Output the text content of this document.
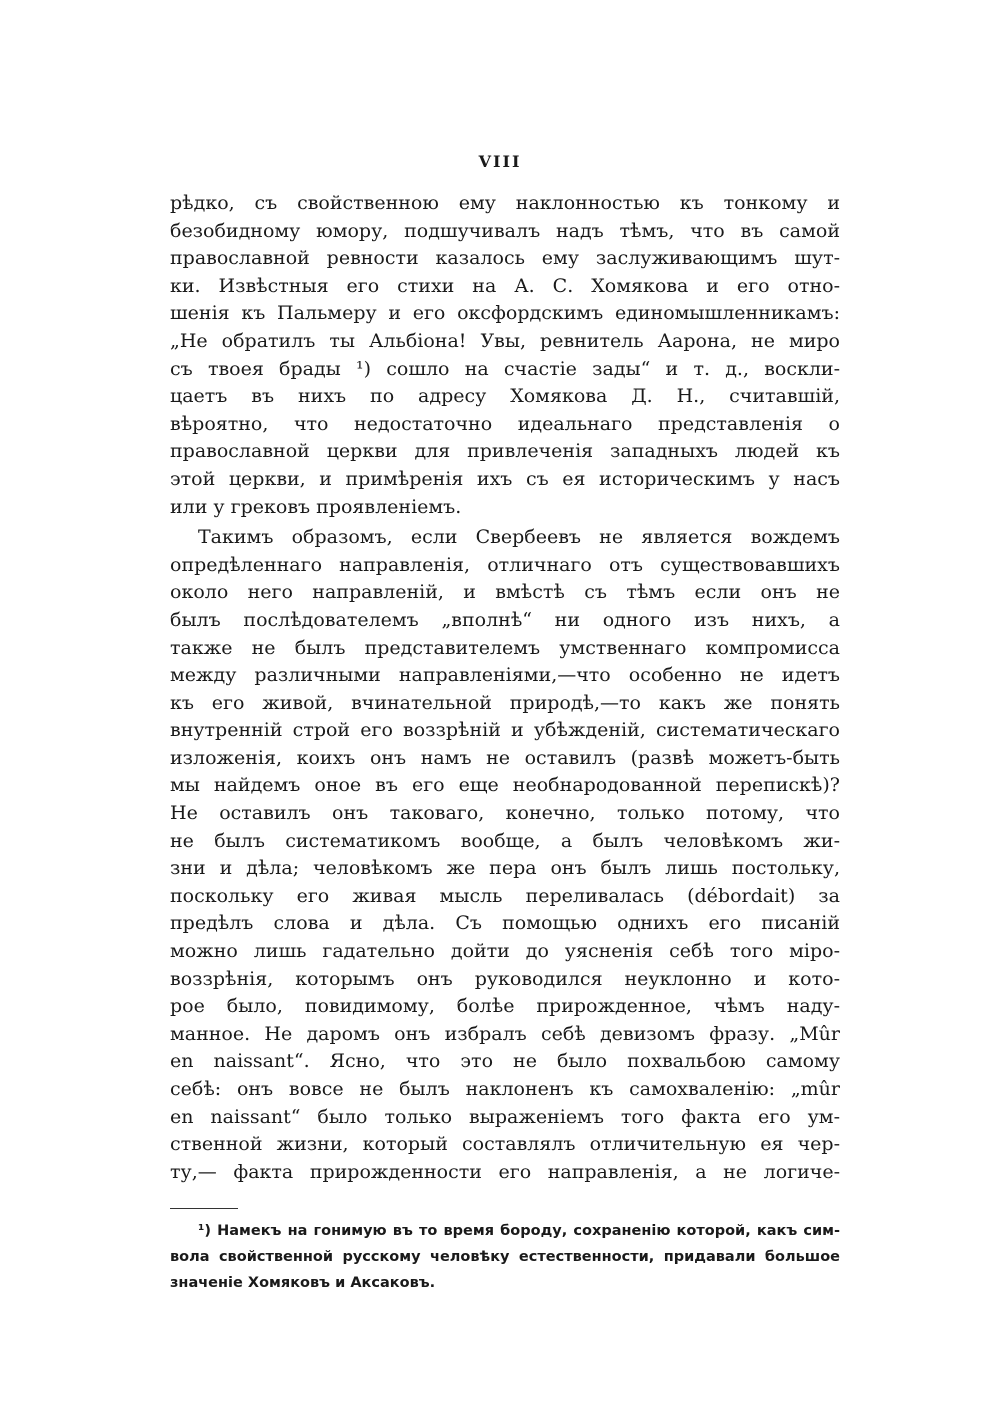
VIII
рѣдко, съ свойственною ему наклонностью къ тонкому и
безобидному юмору, подшучивалъ надъ тѣмъ, что въ самой
православной ревности казалось ему заслуживающимъ шут-
ки. Извѣстныя его стихи на А. С. Хомякова и его отно-
шенія къ Пальмеру и его оксфордскимъ единомышленникамъ:
„Не обратилъ ты Альбіона! Увы, ревнитель Аарона, не миро
съ твоея брады ¹) сошло на счастіе зады“ и т. д., воскли-
цаетъ въ нихъ по адресу Хомякова Д. Н., считавшій,
вѣроятно, что недостаточно идеальнаго представленія о
православной церкви для привлеченія западныхъ людей къ
этой церкви, и примѣренія ихъ съ ея историческимъ у насъ
или у грековъ проявленіемъ.
Такимъ образомъ, если Свербеевъ не является вождемъ
опредѣленнаго направленія, отличнаго отъ существовавшихъ
около него направленій, и вмѣстѣ съ тѣмъ если онъ не
былъ послѣдователемъ „вполнѣ“ ни одного изъ нихъ, а
также не былъ представителемъ умственнаго компромисса
между различными направленіями,—что особенно не идетъ
къ его живой, вчинательной природѣ,—то какъ же понять
внутренній строй его воззрѣній и убѣжденій, систематическаго
изложенія, коихъ онъ намъ не оставилъ (развѣ можетъ-быть
мы найдемъ оное въ его еще необнародованной перепискѣ)?
Не оставилъ онъ таковаго, конечно, только потому, что
не былъ систематикомъ вообще, а былъ человѣкомъ жи-
зни и дѣла; человѣкомъ же пера онъ былъ лишь постольку,
поскольку его живая мысль переливалась (débordait) за
предѣлъ слова и дѣла. Съ помощью однихъ его писаній
можно лишь гадательно дойти до уясненія себѣ того міро-
воззрѣнія, которымъ онъ руководился неуклонно и кото-
рое было, повидимому, болѣе прирожденное, чѣмъ наду-
манное. Не даромъ онъ избралъ себѣ девизомъ фразу. „Mûr
en naissant“. Ясно, что это не было похвальбою самому
себѣ: онъ вовсе не былъ наклоненъ къ самохваленію: „mûr
en naissant“ было только выраженіемъ того факта его ум-
ственной жизни, который составлялъ отличительную ея чер-
ту,— факта прирожденности его направленія, а не логиче-
¹) Намекъ на гонимую въ то время бороду, сохраненію которой, какъ сим-
вола свойственной русскому человѣку естественности, придавали большое
значеніе Хомяковъ и Аксаковъ.
